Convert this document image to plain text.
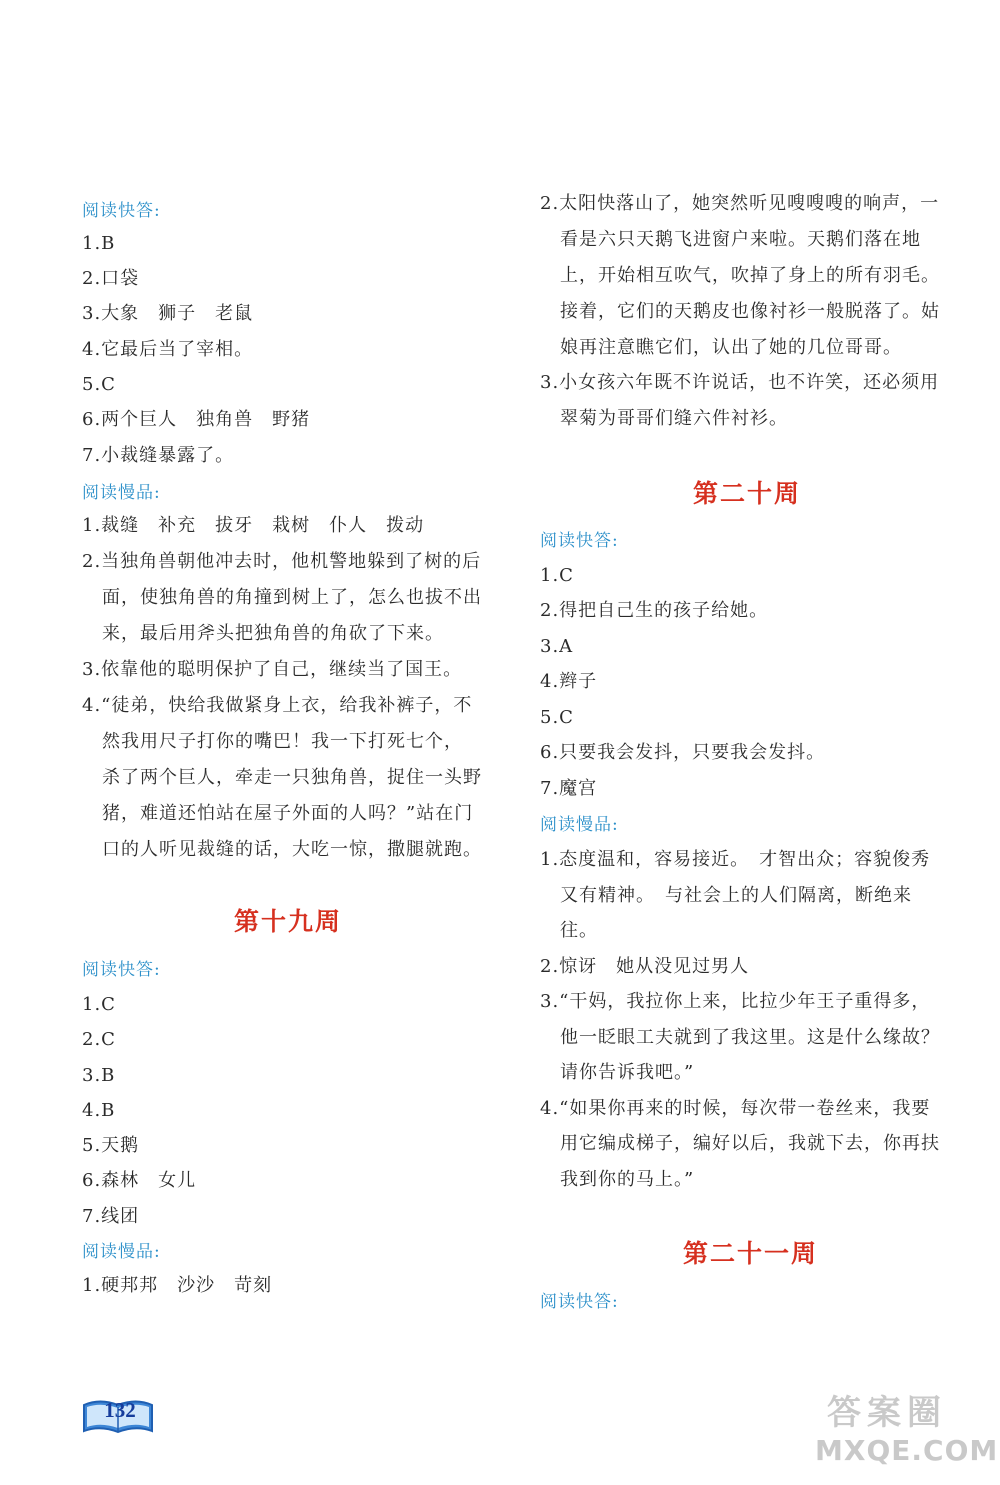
阅读快答:
1.B
2.口袋
3.大象　狮子　老鼠
4.它最后当了宰相。
5.C
6.两个巨人　独角兽　野猪
7.小裁缝暴露了。
阅读慢品:
1.裁缝　补充　拔牙　栽树　仆人　拨动
2.当独角兽朝他冲去时，他机警地躲到了树的后
面，使独角兽的角撞到树上了，怎么也拔不出
来，最后用斧头把独角兽的角砍了下来。
3.依靠他的聪明保护了自己，继续当了国王。
4.“徒弟，快给我做紧身上衣，给我补裤子，不
然我用尺子打你的嘴巴！我一下打死七个，
杀了两个巨人，牵走一只独角兽，捉住一头野
猪，难道还怕站在屋子外面的人吗？”站在门
口的人听见裁缝的话，大吃一惊，撒腿就跑。
阅读快答:
1.C
2.C
3.B
4.B
5.天鹅
6.森林　女儿
7.线团
阅读慢品:
1.硬邦邦　沙沙　苛刻
2.太阳快落山了，她突然听见嗖嗖嗖的响声，一
看是六只天鹅飞进窗户来啦。天鹅们落在地
上，开始相互吹气，吹掉了身上的所有羽毛。
接着，它们的天鹅皮也像衬衫一般脱落了。姑
娘再注意瞧它们，认出了她的几位哥哥。
3.小女孩六年既不许说话，也不许笑，还必须用
翠菊为哥哥们缝六件衬衫。
阅读快答:
1.C
2.得把自己生的孩子给她。
3.A
4.辫子
5.C
6.只要我会发抖，只要我会发抖。
7.魔宫
阅读慢品:
1.态度温和，容易接近。　才智出众；容貌俊秀
又有精神。　与社会上的人们隔离，断绝来
往。
2.惊讶　她从没见过男人
3.“干妈，我拉你上来，比拉少年王子重得多，
他一眨眼工夫就到了我这里。这是什么缘故？
请你告诉我吧。”
4.“如果你再来的时候，每次带一卷丝来，我要
用它编成梯子，编好以后，我就下去，你再扶
我到你的马上。”
阅读快答:
第十九周
第二十周
第二十一周
132	答案圈
MXQE.COM
